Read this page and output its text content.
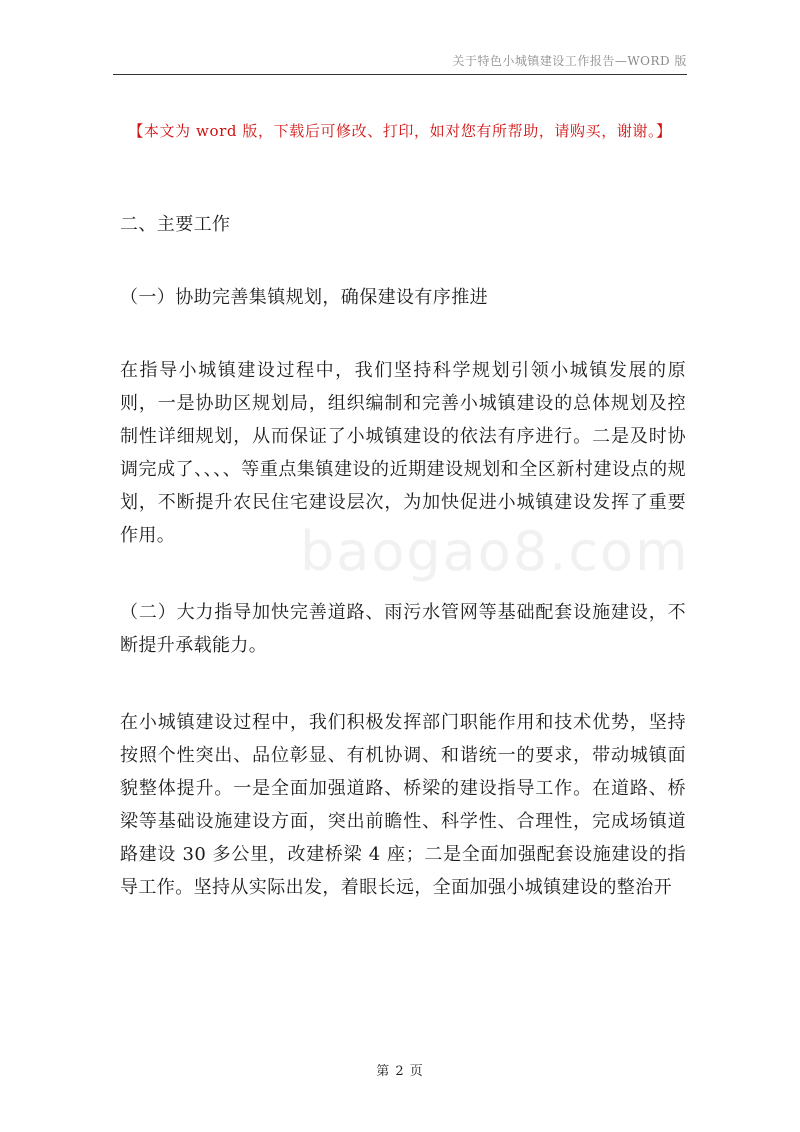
关于特色小城镇建设工作报告—WORD 版
【本文为 word 版，下载后可修改、打印，如对您有所帮助，请购买，谢谢。】
baogao8.com

二、主要工作

（一）协助完善集镇规划，确保建设有序推进

在指导小城镇建设过程中，我们坚持科学规划引领小城镇发展的原则，一是协助区规划局，组织编制和完善小城镇建设的总体规划及控制性详细规划，从而保证了小城镇建设的依法有序进行。二是及时协调完成了、、、、等重点集镇建设的近期建设规划和全区新村建设点的规划，不断提升农民住宅建设层次，为加快促进小城镇建设发挥了重要作用。

（二）大力指导加快完善道路、雨污水管网等基础配套设施建设，不断提升承载能力。

在小城镇建设过程中，我们积极发挥部门职能作用和技术优势，坚持按照个性突出、品位彰显、有机协调、和谐统一的要求，带动城镇面貌整体提升。一是全面加强道路、桥梁的建设指导工作。在道路、桥梁等基础设施建设方面，突出前瞻性、科学性、合理性，完成场镇道路建设 30 多公里，改建桥梁 4 座；二是全面加强配套设施建设的指导工作。坚持从实际出发，着眼长远，全面加强小城镇建设的整治开

第 2 页
